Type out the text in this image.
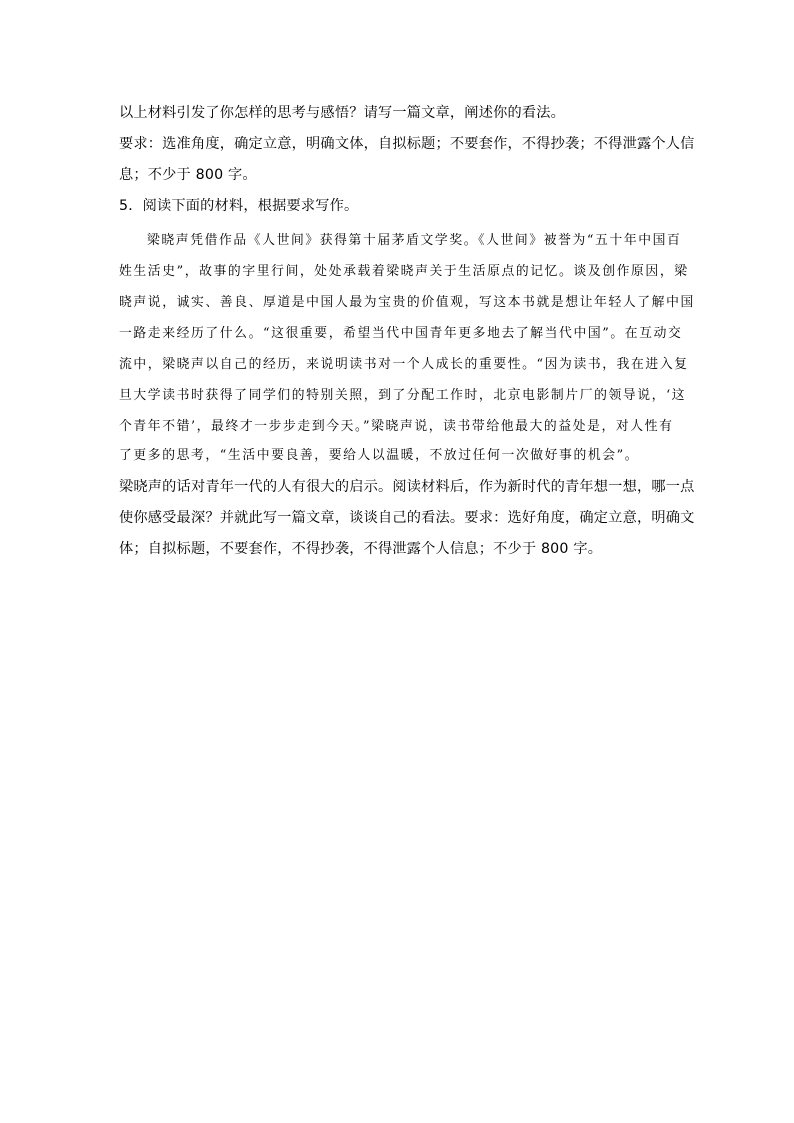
以上材料引发了你怎样的思考与感悟？请写一篇文章，阐述你的看法。
要求：选准角度，确定立意，明确文体，自拟标题；不要套作，不得抄袭；不得泄露个人信
息；不少于 800 字。
5．阅读下面的材料，根据要求写作。
梁晓声凭借作品《人世间》获得第十届茅盾文学奖。《人世间》被誉为“五十年中国百
姓生活史”，故事的字里行间，处处承载着梁晓声关于生活原点的记忆。谈及创作原因，梁
晓声说，诚实、善良、厚道是中国人最为宝贵的价值观，写这本书就是想让年轻人了解中国
一路走来经历了什么。“这很重要，希望当代中国青年更多地去了解当代中国”。在互动交
流中，梁晓声以自己的经历，来说明读书对一个人成长的重要性。“因为读书，我在进入复
旦大学读书时获得了同学们的特别关照，到了分配工作时，北京电影制片厂的领导说，‘这
个青年不错’，最终才一步步走到今天。”梁晓声说，读书带给他最大的益处是，对人性有
了更多的思考，“生活中要良善，要给人以温暖，不放过任何一次做好事的机会”。
梁晓声的话对青年一代的人有很大的启示。阅读材料后，作为新时代的青年想一想，哪一点
使你感受最深？并就此写一篇文章，谈谈自己的看法。要求：选好角度，确定立意，明确文
体；自拟标题，不要套作，不得抄袭，不得泄露个人信息；不少于 800 字。
